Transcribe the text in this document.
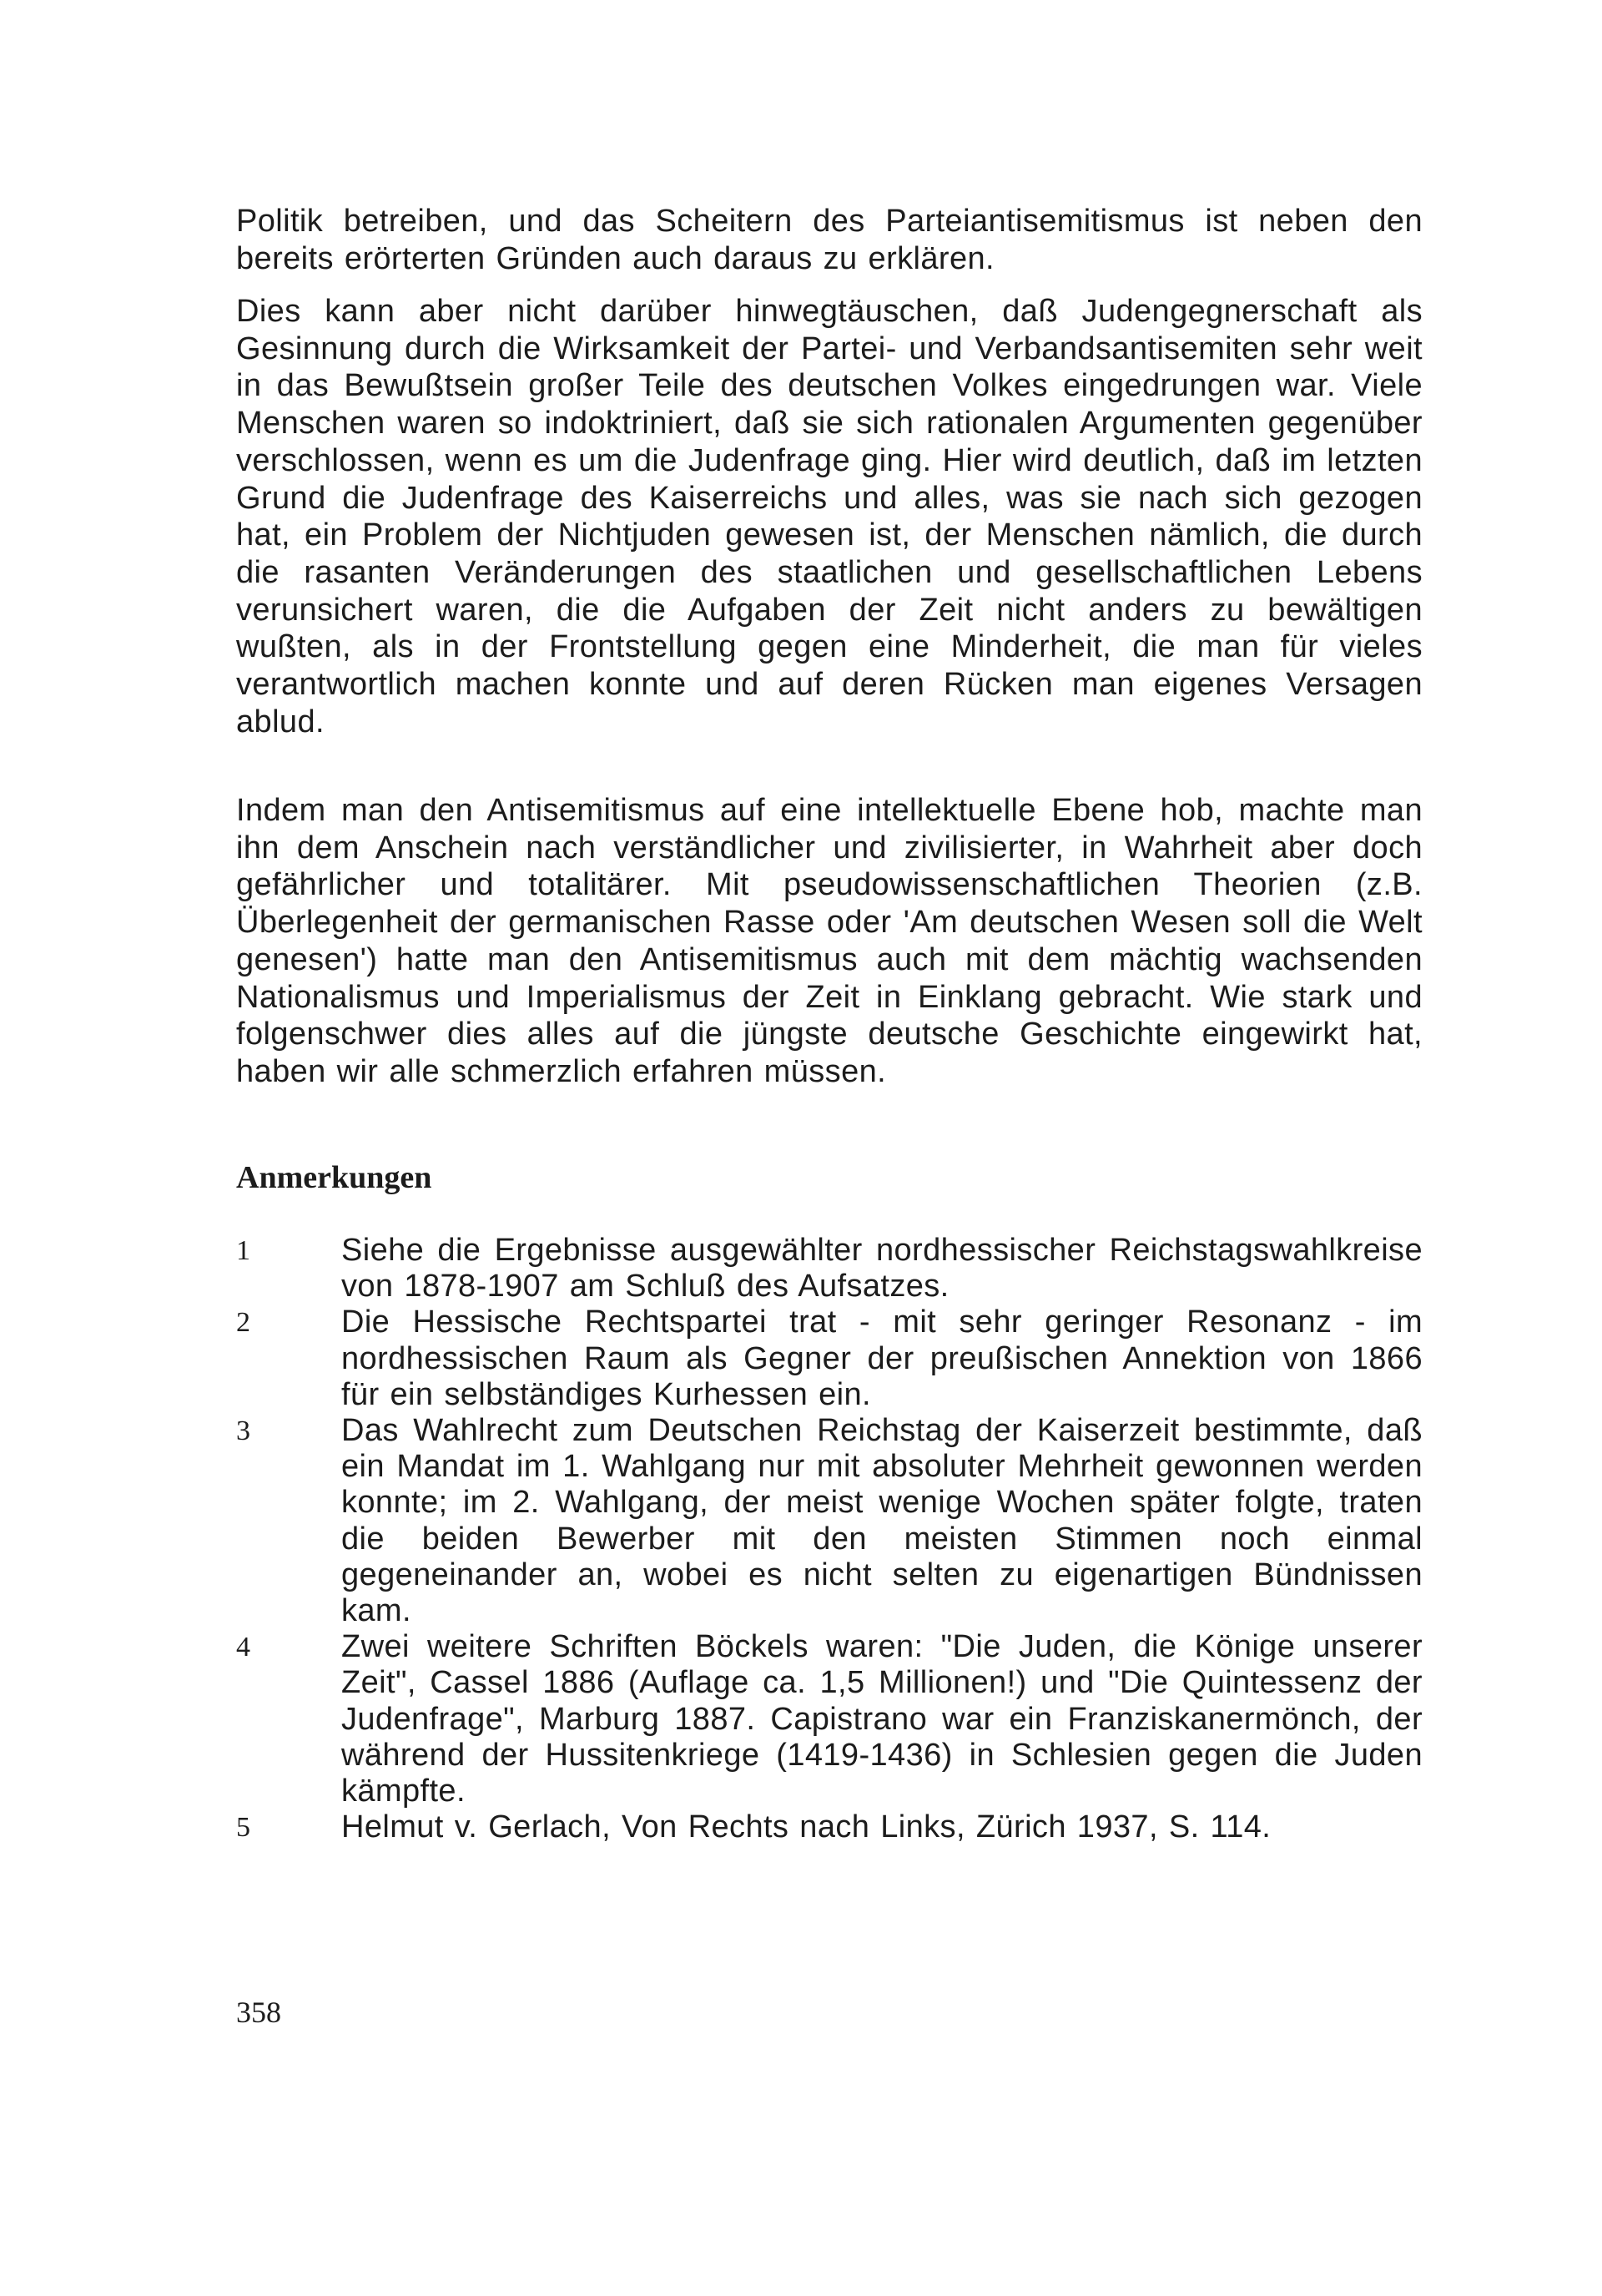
Politik betreiben, und das Scheitern des Parteiantisemitismus ist neben den bereits erörterten Gründen auch daraus zu erklären.

Dies kann aber nicht darüber hinwegtäuschen, daß Judengegnerschaft als Gesinnung durch die Wirksamkeit der Partei- und Verbandsantisemiten sehr weit in das Bewußtsein großer Teile des deutschen Volkes eingedrungen war. Viele Menschen waren so indoktriniert, daß sie sich rationalen Argumenten gegenüber verschlossen, wenn es um die Judenfrage ging. Hier wird deutlich, daß im letzten Grund die Judenfrage des Kaiserreichs und alles, was sie nach sich gezogen hat, ein Problem der Nichtjuden gewesen ist, der Menschen nämlich, die durch die rasanten Veränderungen des staatlichen und gesellschaftlichen Lebens verunsichert waren, die die Aufgaben der Zeit nicht anders zu bewältigen wußten, als in der Frontstellung gegen eine Minderheit, die man für vieles verantwortlich machen konnte und auf deren Rücken man eigenes Versagen ablud.

Indem man den Antisemitismus auf eine intellektuelle Ebene hob, machte man ihn dem Anschein nach verständlicher und zivilisierter, in Wahrheit aber doch gefährlicher und totalitärer. Mit pseudowissenschaftlichen Theorien (z.B. Überlegenheit der germanischen Rasse oder 'Am deutschen Wesen soll die Welt genesen') hatte man den Antisemitismus auch mit dem mächtig wachsenden Nationalismus und Imperialismus der Zeit in Einklang gebracht. Wie stark und folgenschwer dies alles auf die jüngste deutsche Geschichte eingewirkt hat, haben wir alle schmerzlich erfahren müssen.

Anmerkungen
1	Siehe die Ergebnisse ausgewählter nordhessischer Reichstagswahlkreise von 1878-1907 am Schluß des Aufsatzes.
2	Die Hessische Rechtspartei trat - mit sehr geringer Resonanz - im nordhessischen Raum als Gegner der preußischen Annektion von 1866 für ein selbständiges Kurhessen ein.
3	Das Wahlrecht zum Deutschen Reichstag der Kaiserzeit bestimmte, daß ein Mandat im 1. Wahlgang nur mit absoluter Mehrheit gewonnen werden konnte; im 2. Wahlgang, der meist wenige Wochen später folgte, traten die beiden Bewerber mit den meisten Stimmen noch einmal gegeneinander an, wobei es nicht selten zu eigenartigen Bündnissen kam.
4	Zwei weitere Schriften Böckels waren: "Die Juden, die Könige unserer Zeit", Cassel 1886 (Auflage ca. 1,5 Millionen!) und "Die Quintessenz der Judenfrage", Marburg 1887. Capistrano war ein Franziskanermönch, der während der Hussitenkriege (1419-1436) in Schlesien gegen die Juden kämpfte.
5	Helmut v. Gerlach, Von Rechts nach Links, Zürich 1937, S. 114.

358
